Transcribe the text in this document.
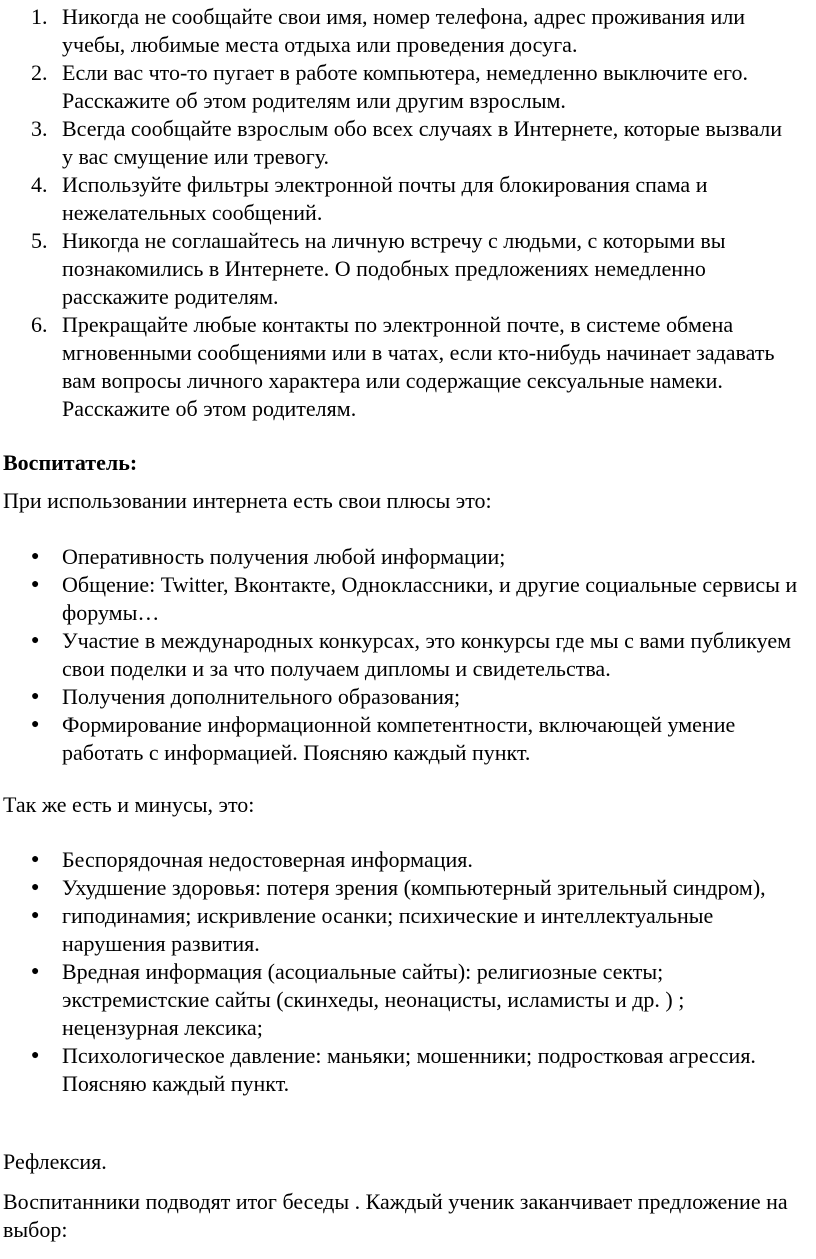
1. Никогда не сообщайте свои имя, номер телефона, адрес проживания или учебы, любимые места отдыха или проведения досуга.
2. Если вас что-то пугает в работе компьютера, немедленно выключите его. Расскажите об этом родителям или другим взрослым.
3. Всегда сообщайте взрослым обо всех случаях в Интернете, которые вызвали у вас смущение или тревогу.
4. Используйте фильтры электронной почты для блокирования спама и нежелательных сообщений.
5. Никогда не соглашайтесь на личную встречу с людьми, с которыми вы познакомились в Интернете. О подобных предложениях немедленно расскажите родителям.
6. Прекращайте любые контакты по электронной почте, в системе обмена мгновенными сообщениями или в чатах, если кто-нибудь начинает задавать вам вопросы личного характера или содержащие сексуальные намеки. Расскажите об этом родителям.

Воспитатель:

При использовании интернета есть свои плюсы это:

● Оперативность получения любой информации;
● Общение: Twitter, Вконтакте, Одноклассники, и другие социальные сервисы и форумы…
● Участие в международных конкурсах, это конкурсы где мы с вами публикуем свои поделки и за что получаем дипломы и свидетельства.
● Получения дополнительного образования;
● Формирование информационной компетентности, включающей умение работать с информацией. Поясняю каждый пункт.

Так же есть и минусы, это:

● Беспорядочная недостоверная информация.
● Ухудшение здоровья: потеря зрения (компьютерный зрительный синдром),
● гиподинамия; искривление осанки; психические и интеллектуальные нарушения развития.
● Вредная информация (асоциальные сайты): религиозные секты; экстремистские сайты (скинхеды, неонацисты, исламисты и др. ) ; нецензурная лексика;
● Психологическое давление: маньяки; мошенники; подростковая агрессия. Поясняю каждый пункт.

Рефлексия.

Воспитанники подводят итог беседы . Каждый ученик заканчивает предложение на выбор:
